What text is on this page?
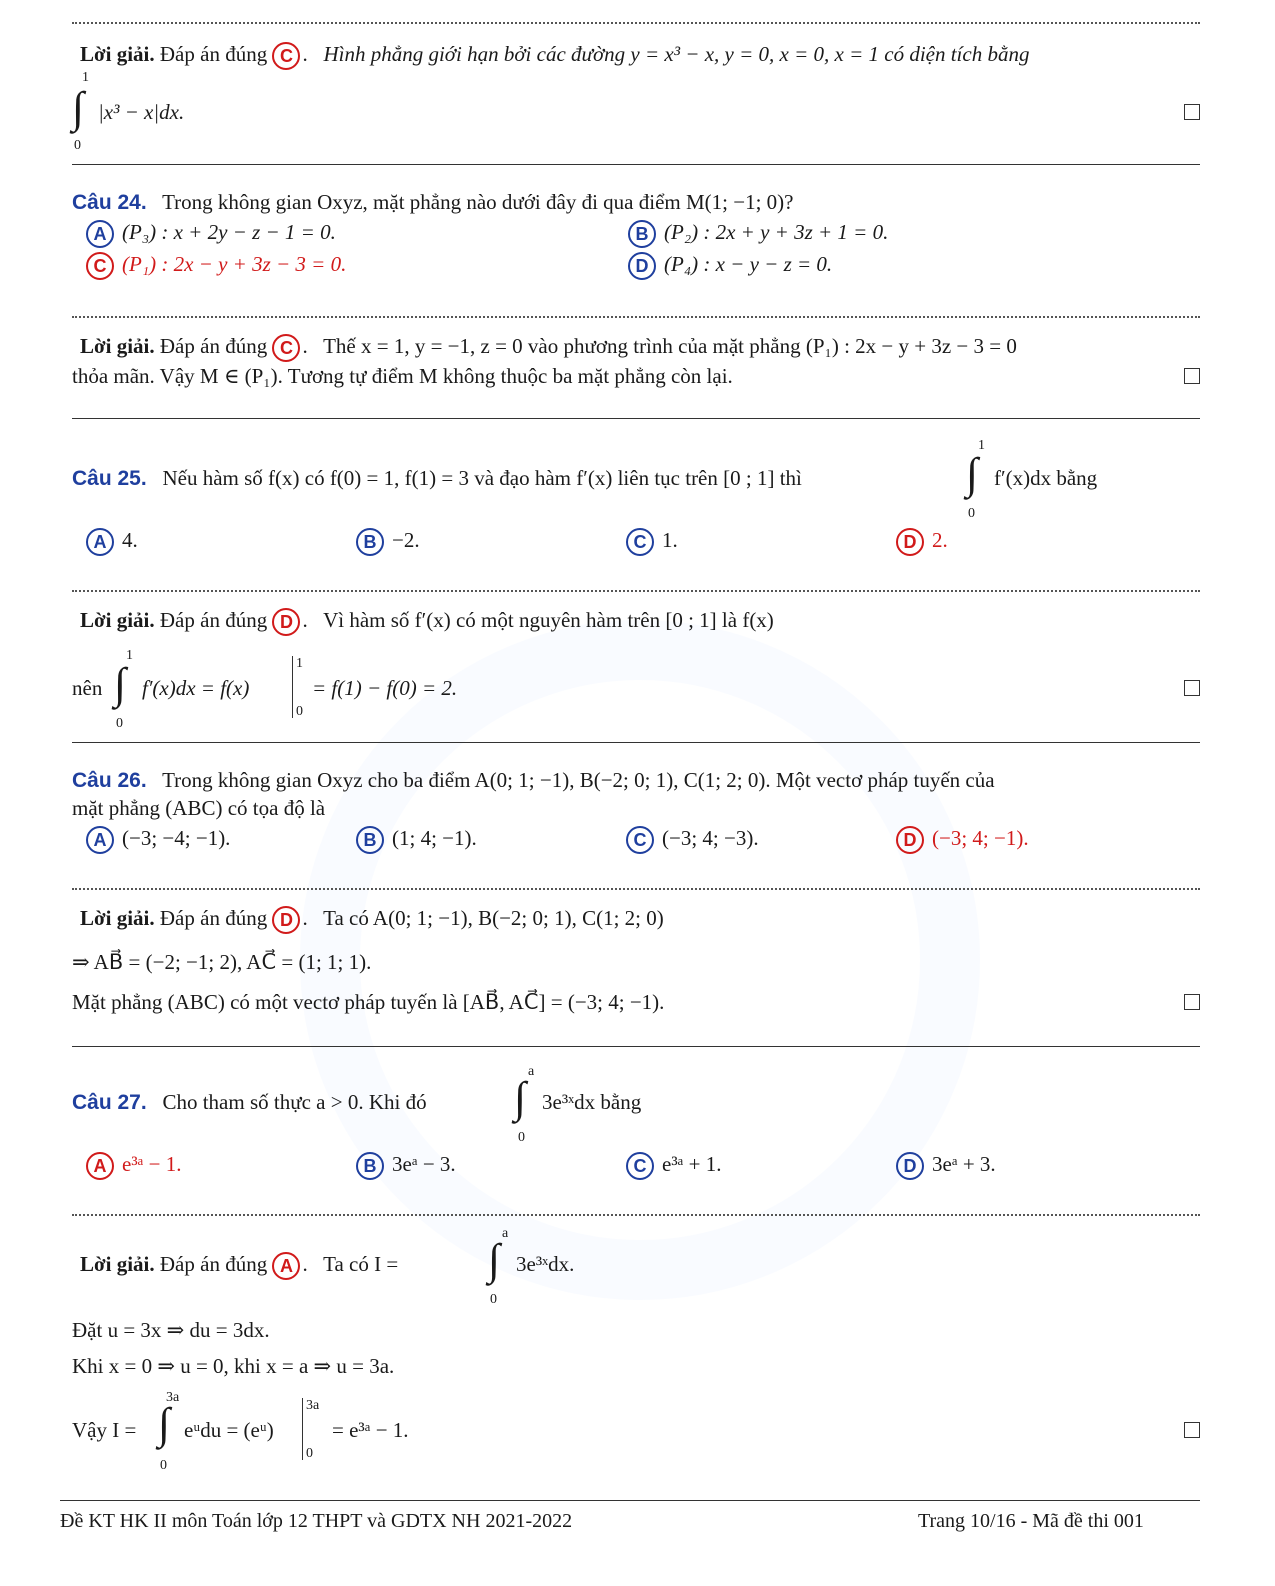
Lời giải. Đáp án đúng C .   Hình phẳng giới hạn bởi các đường y = x³ − x, y = 0, x = 0, x = 1 có diện tích bằng
1
∫
0
|x³ − x|dx.
Câu 24. Trong không gian Oxyz, mặt phẳng nào dưới đây đi qua điểm M(1; −1; 0)?
A (P₃) : x + 2y − z − 1 = 0.	B (P₂) : 2x + y + 3z + 1 = 0.
C (P₁) : 2x − y + 3z − 3 = 0.	D (P₄) : x − y − z = 0.
Lời giải. Đáp án đúng C .   Thế x = 1, y = −1, z = 0 vào phương trình của mặt phẳng (P₁) : 2x − y + 3z − 3 = 0
thỏa mãn. Vậy M ∈ (P₁). Tương tự điểm M không thuộc ba mặt phẳng còn lại.
Câu 25. Nếu hàm số f(x) có f(0) = 1, f(1) = 3 và đạo hàm f′(x) liên tục trên [0 ; 1] thì
1
∫
0
f′(x)dx bằng
A 4.	B −2.	C 1.	D 2.
Lời giải. Đáp án đúng D .   Vì hàm số f′(x) có một nguyên hàm trên [0 ; 1] là f(x)
nên
1
∫
0
f′(x)dx = f(x)
1
0
= f(1) − f(0) = 2.
Câu 26. Trong không gian Oxyz cho ba điểm A(0; 1; −1), B(−2; 0; 1), C(1; 2; 0). Một vectơ pháp tuyến của
mặt phẳng (ABC) có tọa độ là
A (−3; −4; −1).	B (1; 4; −1).	C (−3; 4; −3).	D (−3; 4; −1).
Lời giải. Đáp án đúng D .   Ta có A(0; 1; −1), B(−2; 0; 1), C(1; 2; 0)
⇒ AB⃗ = (−2; −1; 2), AC⃗ = (1; 1; 1).
Mặt phẳng (ABC) có một vectơ pháp tuyến là [AB⃗, AC⃗] = (−3; 4; −1).
Câu 27. Cho tham số thực a > 0. Khi đó
a
∫
0
3e³ˣdx bằng
A e³ᵃ − 1.	B 3eᵃ − 3.	C e³ᵃ + 1.	D 3eᵃ + 3.
Lời giải. Đáp án đúng A .   Ta có I =
a
∫
0
3e³ˣdx.
Đặt u = 3x ⇒ du = 3dx.
Khi x = 0 ⇒ u = 0, khi x = a ⇒ u = 3a.
Vậy I =
3a
∫
0
eᵘdu = (eᵘ)
3a
0
= e³ᵃ − 1.
Đề KT HK II môn Toán lớp 12 THPT và GDTX NH 2021-2022	Trang 10/16 - Mã đề thi 001
